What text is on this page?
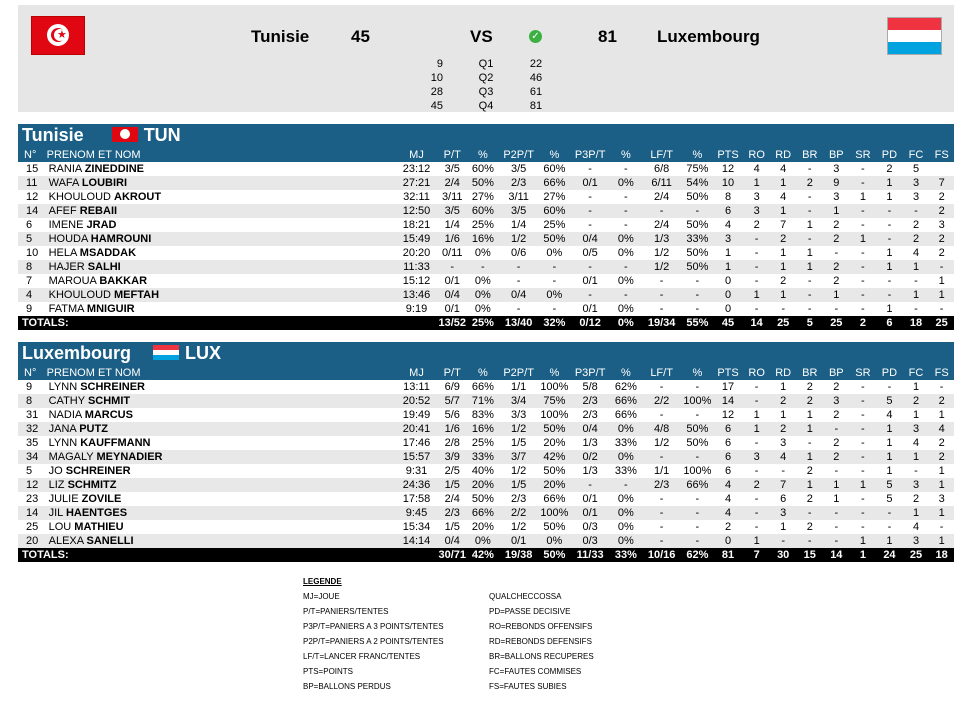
★	Tunisie 45	VS	✓	81 Luxembourg
9	Q1	22
10	Q2	46
28	Q3	61
45	Q4	81
Tunisie TUN																			
N°	PRENOM ET NOM	MJ	P/T	%	P2P/T	%	P3P/T	%	LF/T	%	PTS	RO	RD	BR	BP	SR	PD	FC	FS
15	RANIA ZINEDDINE	23:12	3/5	60%	3/5	60%	-	-	6/8	75%	12	4	4	-	3	-	2	5	
11	WAFA LOUBIRI	27:21	2/4	50%	2/3	66%	0/1	0%	6/11	54%	10	1	1	2	9	-	1	3	7
12	KHOULOUD AKROUT	32:11	3/11	27%	3/11	27%	-	-	2/4	50%	8	3	4	-	3	1	1	3	2
14	AFEF REBAII	12:50	3/5	60%	3/5	60%	-	-	-	-	6	3	1	-	1	-	-	-	2
6	IMENE JRAD	18:21	1/4	25%	1/4	25%	-	-	2/4	50%	4	2	7	1	2	-	-	2	3
5	HOUDA HAMROUNI	15:49	1/6	16%	1/2	50%	0/4	0%	1/3	33%	3	-	2	-	2	1	-	2	2
10	HELA MSADDAK	20:20	0/11	0%	0/6	0%	0/5	0%	1/2	50%	1	-	1	1	-	-	1	4	2
8	HAJER SALHI	11:33	-	-	-	-	-	-	1/2	50%	1	-	1	1	2	-	1	1	-
7	MAROUA BAKKAR	15:12	0/1	0%	-	-	0/1	0%	-	-	0	-	2	-	2	-	-	-	1
4	KHOULOUD MEFTAH	13:46	0/4	0%	0/4	0%	-	-	-	-	0	1	1	-	1	-	-	1	1
9	FATMA MNIGUIR	9:19	0/1	0%	-	-	0/1	0%	-	-	0	-	-	-	-	-	1	-	-
TOTALS:			13/52	25%	13/40	32%	0/12	0%	19/34	55%	45	14	25	5	25	2	6	18	25
Luxembourg LUX																			
N°	PRENOM ET NOM	MJ	P/T	%	P2P/T	%	P3P/T	%	LF/T	%	PTS	RO	RD	BR	BP	SR	PD	FC	FS
9	LYNN SCHREINER	13:11	6/9	66%	1/1	100%	5/8	62%	-	-	17	-	1	2	2	-	-	1	-
8	CATHY SCHMIT	20:52	5/7	71%	3/4	75%	2/3	66%	2/2	100%	14	-	2	2	3	-	5	2	2
31	NADIA MARCUS	19:49	5/6	83%	3/3	100%	2/3	66%	-	-	12	1	1	1	2	-	4	1	1
32	JANA PUTZ	20:41	1/6	16%	1/2	50%	0/4	0%	4/8	50%	6	1	2	1	-	-	1	3	4
35	LYNN KAUFFMANN	17:46	2/8	25%	1/5	20%	1/3	33%	1/2	50%	6	-	3	-	2	-	1	4	2
34	MAGALY MEYNADIER	15:57	3/9	33%	3/7	42%	0/2	0%	-	-	6	3	4	1	2	-	1	1	2
5	JO SCHREINER	9:31	2/5	40%	1/2	50%	1/3	33%	1/1	100%	6	-	-	2	-	-	1	-	1
12	LIZ SCHMITZ	24:36	1/5	20%	1/5	20%	-	-	2/3	66%	4	2	7	1	1	1	5	3	1
23	JULIE ZOVILE	17:58	2/4	50%	2/3	66%	0/1	0%	-	-	4	-	6	2	1	-	5	2	3
14	JIL HAENTGES	9:45	2/3	66%	2/2	100%	0/1	0%	-	-	4	-	3	-	-	-	-	1	1
25	LOU MATHIEU	15:34	1/5	20%	1/2	50%	0/3	0%	-	-	2	-	1	2	-	-	-	4	-
20	ALEXA SANELLI	14:14	0/4	0%	0/1	0%	0/3	0%	-	-	0	1	-	-	-	1	1	3	1
TOTALS:			30/71	42%	19/38	50%	11/33	33%	10/16	62%	81	7	30	15	14	1	24	25	18
LEGENDE
MJ=JOUE
P/T=PANIERS/TENTES
P3P/T=PANIERS A 3 POINTS/TENTES
P2P/T=PANIERS A 2 POINTS/TENTES
LF/T=LANCER FRANC/TENTES
PTS=POINTS
BP=BALLONS PERDUS
QUALCHECCOSSA
PD=PASSE DECISIVE
RO=REBONDS OFFENSIFS
RD=REBONDS DEFENSIFS
BR=BALLONS RECUPERES
FC=FAUTES COMMISES
FS=FAUTES SUBIES
